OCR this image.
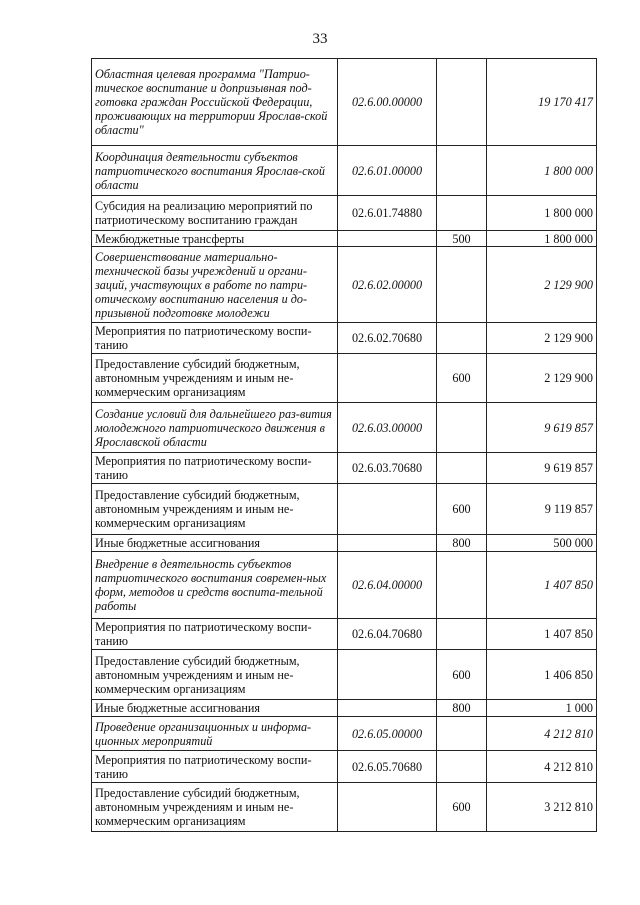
33
Областная целевая программа "Патрио-тическое воспитание и допризывная под-готовка граждан Российской Федерации, проживающих на территории Ярослав-ской области"	02.6.00.00000		19 170 417
Координация деятельности субъектов патриотического воспитания Ярослав-ской области	02.6.01.00000		1 800 000
Субсидия на реализацию мероприятий по патриотическому воспитанию граждан	02.6.01.74880		1 800 000
Межбюджетные трансферты		500	1 800 000
Совершенствование материально-технической базы учреждений и органи-заций, участвующих в работе по патри-отическому воспитанию населения и до-призывной подготовке молодежи	02.6.02.00000		2 129 900
Мероприятия по патриотическому воспи-танию	02.6.02.70680		2 129 900
Предоставление субсидий бюджетным, автономным учреждениям и иным не-коммерческим организациям		600	2 129 900
Создание условий для дальнейшего раз-вития молодежного патриотического движения в Ярославской области	02.6.03.00000		9 619 857
Мероприятия по патриотическому воспи-танию	02.6.03.70680		9 619 857
Предоставление субсидий бюджетным, автономным учреждениям и иным не-коммерческим организациям		600	9 119 857
Иные бюджетные ассигнования		800	500 000
Внедрение в деятельность субъектов патриотического воспитания современ-ных форм, методов и средств воспита-тельной работы	02.6.04.00000		1 407 850
Мероприятия по патриотическому воспи-танию	02.6.04.70680		1 407 850
Предоставление субсидий бюджетным, автономным учреждениям и иным не-коммерческим организациям		600	1 406 850
Иные бюджетные ассигнования		800	1 000
Проведение организационных и информа-ционных мероприятий	02.6.05.00000		4 212 810
Мероприятия по патриотическому воспи-танию	02.6.05.70680		4 212 810
Предоставление субсидий бюджетным, автономным учреждениям и иным не-коммерческим организациям		600	3 212 810
